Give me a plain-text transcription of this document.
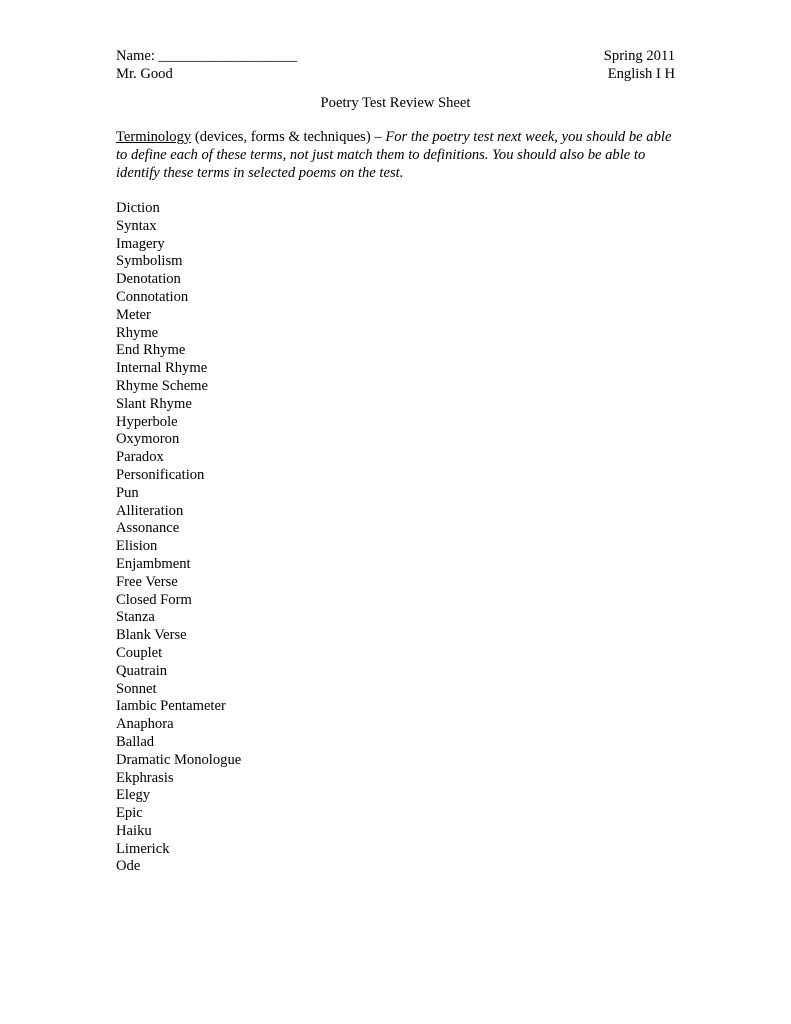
Name: ___________________	Spring 2011
Mr. Good	English I H
Poetry Test Review Sheet
Terminology (devices, forms & techniques) – For the poetry test next week, you should be able to define each of these terms, not just match them to definitions. You should also be able to identify these terms in selected poems on the test.
Diction
Syntax
Imagery
Symbolism
Denotation
Connotation
Meter
Rhyme
End Rhyme
Internal Rhyme
Rhyme Scheme
Slant Rhyme
Hyperbole
Oxymoron
Paradox
Personification
Pun
Alliteration
Assonance
Elision
Enjambment
Free Verse
Closed Form
Stanza
Blank Verse
Couplet
Quatrain
Sonnet
Iambic Pentameter
Anaphora
Ballad
Dramatic Monologue
Ekphrasis
Elegy
Epic
Haiku
Limerick
Ode
